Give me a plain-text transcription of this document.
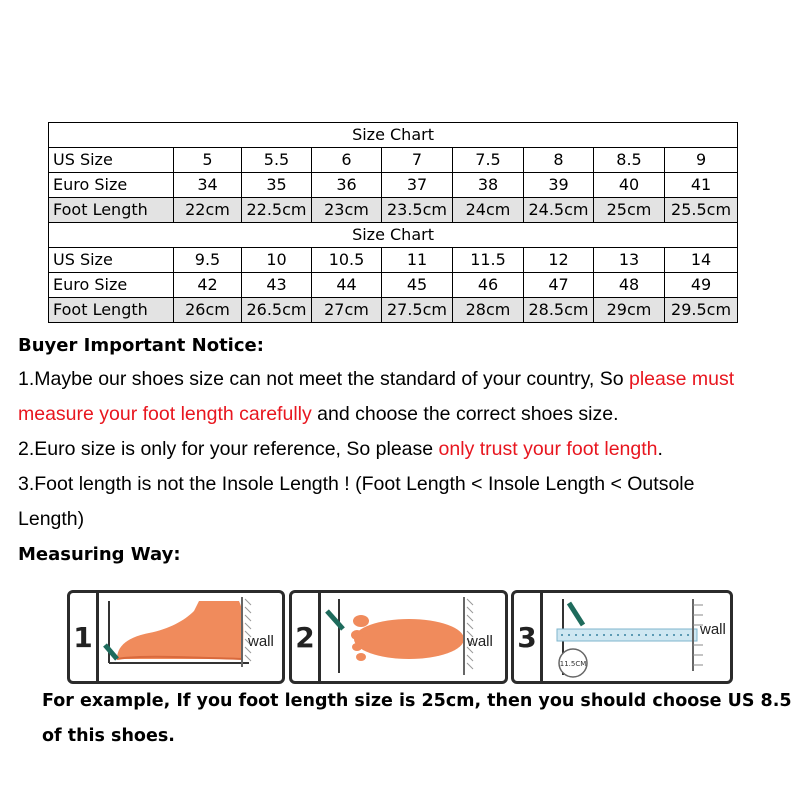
Size Chart								
US Size	5	5.5	6	7	7.5	8	8.5	9
Euro Size	34	35	36	37	38	39	40	41
Foot Length	22cm	22.5cm	23cm	23.5cm	24cm	24.5cm	25cm	25.5cm
Size Chart								
US Size	9.5	10	10.5	11	11.5	12	13	14
Euro Size	42	43	44	45	46	47	48	49
Foot Length	26cm	26.5cm	27cm	27.5cm	28cm	28.5cm	29cm	29.5cm
Buyer Important Notice:
1.Maybe our shoes size can not meet the standard of your country, So please must
measure your foot length carefully and choose the correct shoes size.
2.Euro size is only for your reference, So please only trust your foot length.
3.Foot length is not the Insole Length ! (Foot Length < Insole Length < Outsole
Length)
Measuring Way:
1	wall 2	wall 3
11.5CM
wall
For example, If you foot length size is 25cm, then you should choose US 8.5
of this shoes.
